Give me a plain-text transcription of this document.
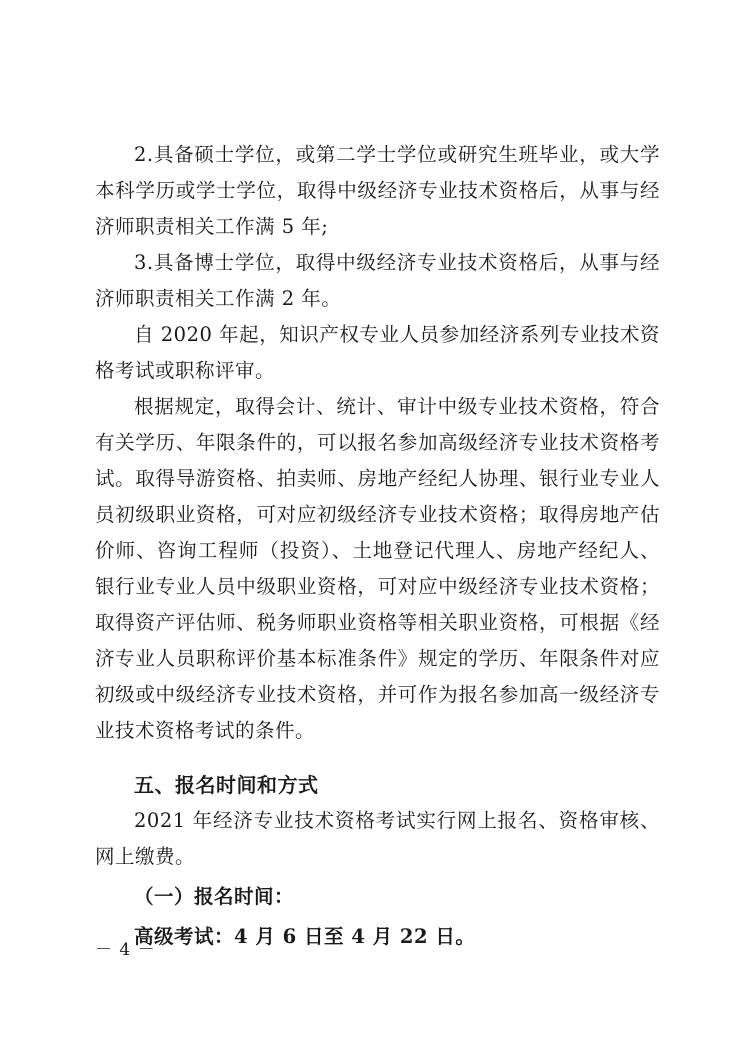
2.具备硕士学位，或第二学士学位或研究生班毕业，或大学本科学历或学士学位，取得中级经济专业技术资格后，从事与经济师职责相关工作满 5 年;

3.具备博士学位，取得中级经济专业技术资格后，从事与经济师职责相关工作满 2 年。

自 2020 年起，知识产权专业人员参加经济系列专业技术资格考试或职称评审。

根据规定，取得会计、统计、审计中级专业技术资格，符合有关学历、年限条件的，可以报名参加高级经济专业技术资格考试。取得导游资格、拍卖师、房地产经纪人协理、银行业专业人员初级职业资格，可对应初级经济专业技术资格；取得房地产估价师、咨询工程师（投资）、土地登记代理人、房地产经纪人、银行业专业人员中级职业资格，可对应中级经济专业技术资格；取得资产评估师、税务师职业资格等相关职业资格，可根据《经济专业人员职称评价基本标准条件》规定的学历、年限条件对应初级或中级经济专业技术资格，并可作为报名参加高一级经济专业技术资格考试的条件。

五、报名时间和方式

2021 年经济专业技术资格考试实行网上报名、资格审核、网上缴费。

（一）报名时间：

高级考试：4 月 6 日至 4 月 22 日。

－ 4 －
